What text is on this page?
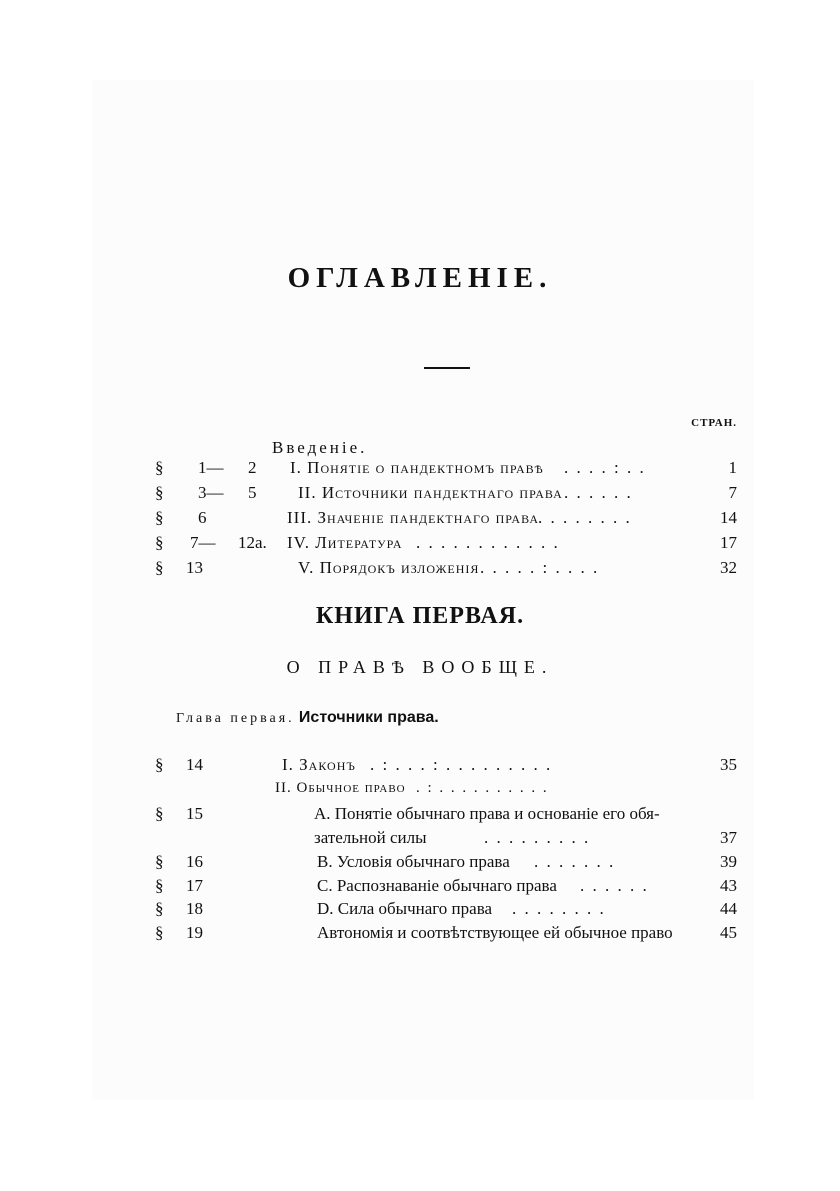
ОГЛАВЛЕНІЕ.
СТРАН.
Введеніе.
§ 1— 2 I. Понятіе о пандектномъ правѣ . . . . : . .	1
§ 3— 5 II. Источники пандектнаго права . . . . . .	7
§ 6	III. Значеніе пандектнаго права . . . . . . . .	14
§ 7— 12а. IV. Литература . . . . . . . . . . . .	17
§ 13	V. Порядокъ изложенія . . . . . : . . . .	32
КНИГА ПЕРВАЯ.
О ПРАВѢ ВООБЩЕ.
Глава первая. Источники права.
§ 14	I. Законъ . : . . . : . . . . . . . . .	35
II. Обычное право . : . . . . . . . . . .
§ 15	А. Понятіе обычнаго права и основаніе его обя-
зательной силы	. . . . . . . . .	37
§ 16	В. Условія обычнаго права . . . . . . .	39
§ 17	С. Распознаваніе обычнаго права . . . . . .	43
§ 18	D. Сила обычнаго права . . . . . . . .	44
§ 19	Автономія и соотвѣтствующее ей обычное право	45
